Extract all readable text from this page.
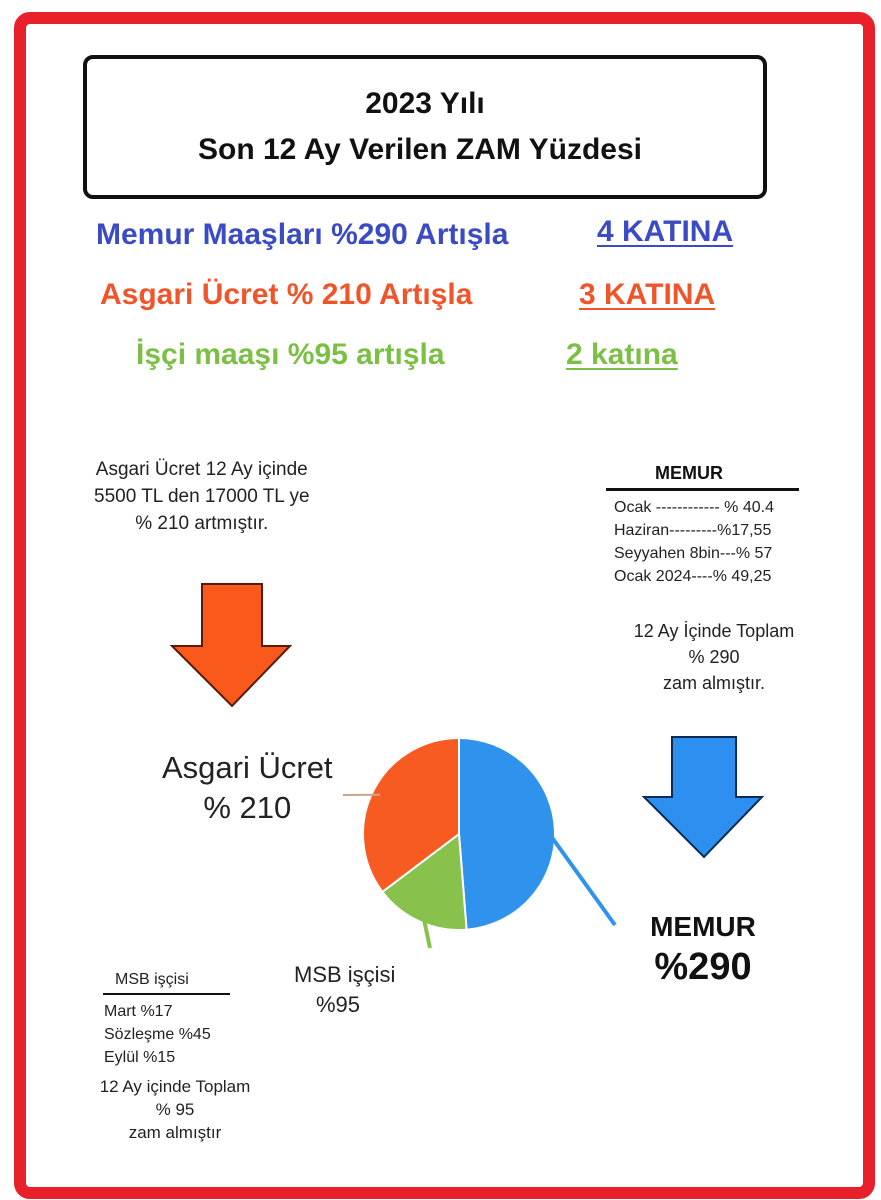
2023 Yılı
Son 12 Ay Verilen ZAM Yüzdesi
Memur Maaşları %290 Artışla	4 KATINA
Asgari Ücret % 210 Artışla	3 KATINA
İşçi maaşı %95 artışla	2 katına
Asgari Ücret 12 Ay içinde
5500 TL den 17000 TL ye
% 210 artmıştır.
MEMUR
Ocak ------------ % 40.4
Haziran---------%17,55
Seyyahen 8bin---% 57
Ocak 2024----% 49,25
12 Ay İçinde Toplam
% 290
zam almıştır.
MSB işçisi
Mart %17
Sözleşme %45
Eylül %15
12 Ay içinde Toplam
% 95
zam almıştır
Asgari Ücret
% 210
MSB işçisi
%95
MEMUR
%290
